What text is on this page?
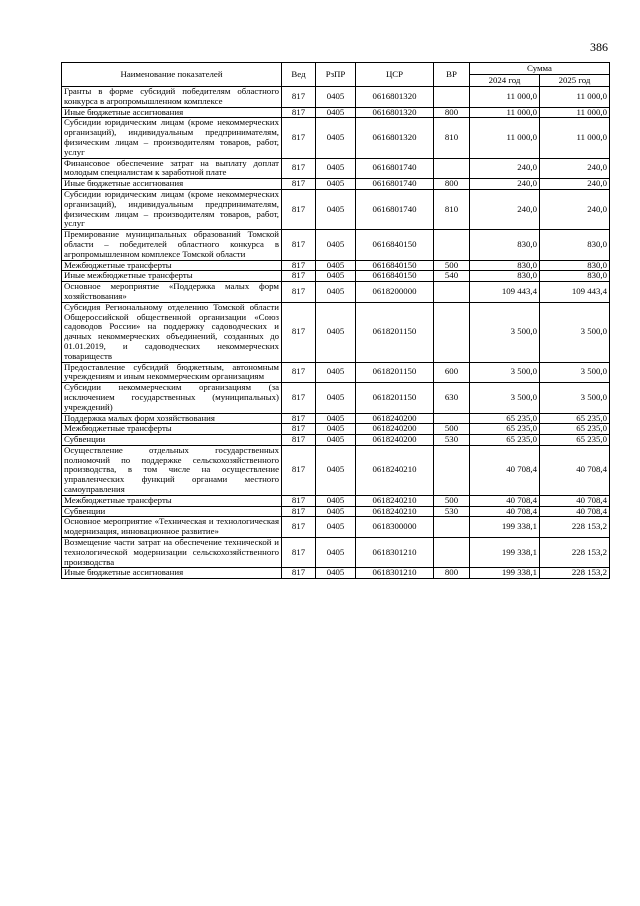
386
Наименование показателей	Вед	РзПР	ЦСР	ВР	Сумма	
					2024 год	2025 год
Гранты в форме субсидий победителям областного конкурса в агропромышленном комплексе	817	0405	0616801320		11 000,0	11 000,0
Иные бюджетные ассигнования	817	0405	0616801320	800	11 000,0	11 000,0
Субсидии юридическим лицам (кроме некоммерческих организаций), индивидуальным предпринимателям, физическим лицам – производителям товаров, работ, услуг	817	0405	0616801320	810	11 000,0	11 000,0
Финансовое обеспечение затрат на выплату доплат молодым специалистам к заработной плате	817	0405	0616801740		240,0	240,0
Иные бюджетные ассигнования	817	0405	0616801740	800	240,0	240,0
Субсидии юридическим лицам (кроме некоммерческих организаций), индивидуальным предпринимателям, физическим лицам – производителям товаров, работ, услуг	817	0405	0616801740	810	240,0	240,0
Премирование муниципальных образований Томской области – победителей областного конкурса в агропромышленном комплексе Томской области	817	0405	0616840150		830,0	830,0
Межбюджетные трансферты	817	0405	0616840150	500	830,0	830,0
Иные межбюджетные трансферты	817	0405	0616840150	540	830,0	830,0
Основное мероприятие «Поддержка малых форм хозяйствования»	817	0405	0618200000		109 443,4	109 443,4
Субсидия Региональному отделению Томской области Общероссийской общественной организации «Союз садоводов России» на поддержку садоводческих и дачных некоммерческих объединений, созданных до 01.01.2019, и садоводческих некоммерческих товариществ	817	0405	0618201150		3 500,0	3 500,0
Предоставление субсидий бюджетным, автономным учреждениям и иным некоммерческим организациям	817	0405	0618201150	600	3 500,0	3 500,0
Субсидии некоммерческим организациям (за исключением государственных (муниципальных) учреждений)	817	0405	0618201150	630	3 500,0	3 500,0
Поддержка малых форм хозяйствования	817	0405	0618240200		65 235,0	65 235,0
Межбюджетные трансферты	817	0405	0618240200	500	65 235,0	65 235,0
Субвенции	817	0405	0618240200	530	65 235,0	65 235,0
Осуществление отдельных государственных полномочий по поддержке сельскохозяйственного производства, в том числе на осуществление управленческих функций органами местного самоуправления	817	0405	0618240210		40 708,4	40 708,4
Межбюджетные трансферты	817	0405	0618240210	500	40 708,4	40 708,4
Субвенции	817	0405	0618240210	530	40 708,4	40 708,4
Основное мероприятие «Техническая и технологическая модернизация, инновационное развитие»	817	0405	0618300000		199 338,1	228 153,2
Возмещение части затрат на обеспечение технической и технологической модернизации сельскохозяйственного производства	817	0405	0618301210		199 338,1	228 153,2
Иные бюджетные ассигнования	817	0405	0618301210	800	199 338,1	228 153,2
